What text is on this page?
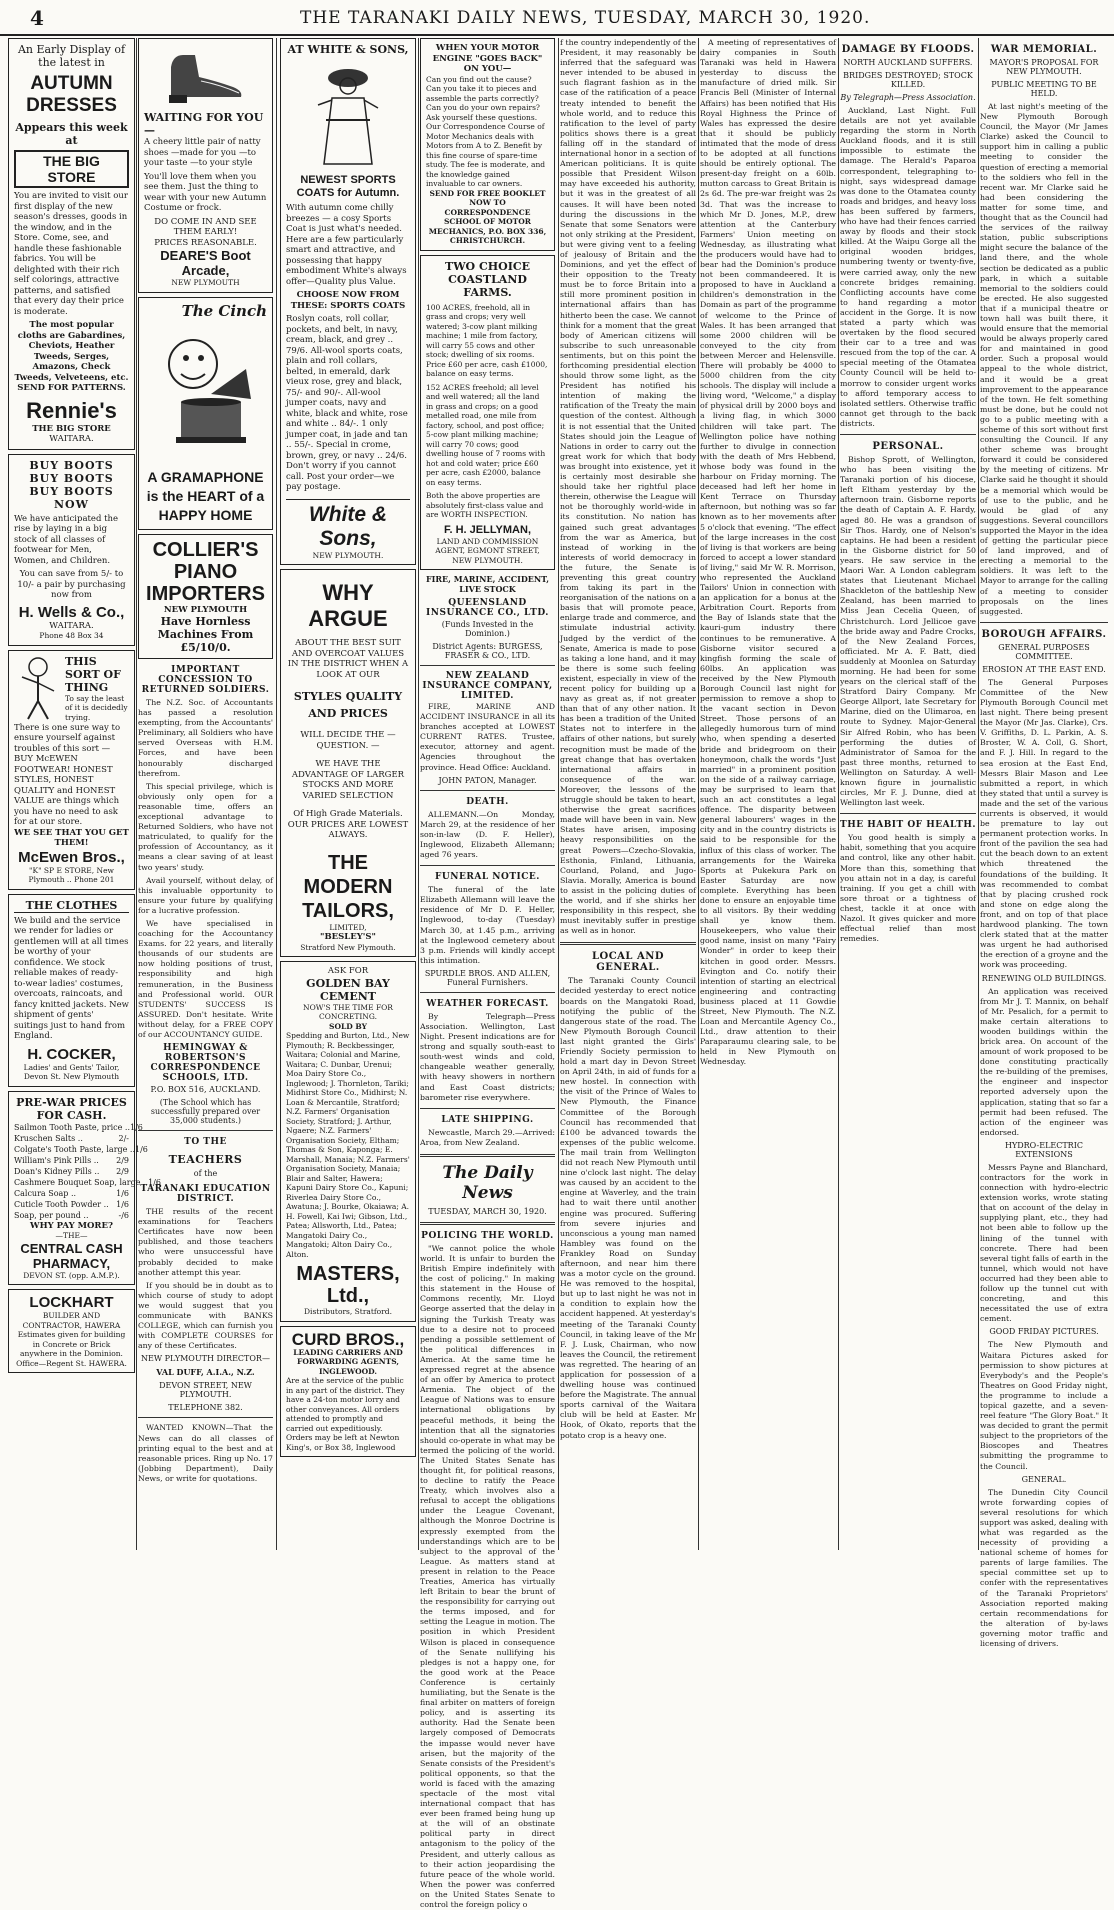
4	THE TARANAKI DAILY NEWS, TUESDAY, MARCH 30, 1920.
An Early Display of the latest in
AUTUMN DRESSES
Appears this week at
THE BIG STORE
You are invited to visit our first display of the new season's dresses, goods in the window, and in the Store. Come, see, and handle these fashionable fabrics. You will be delighted with their rich self colorings, attractive patterns, and satisfied that every day their price is moderate.
The most popular cloths are Gabardines, Cheviots, Heather Tweeds, Serges, Amazons, Check Tweeds, Velveteens, etc.
SEND FOR PATTERNS.
Rennie's
THE BIG STORE
WAITARA.
BUY BOOTS BUY BOOTS BUY BOOTS NOW
We have anticipated the rise by laying in a big stock of all classes of footwear for Men, Women, and Children.
You can save from 5/- to 10/- a pair by purchasing now from
H. Wells & Co.,
WAITARA.
Phone 48 Box 34
THIS SORT OF THING
To say the least of it is decidedly trying.
There is one sure way to ensure yourself against troubles of this sort — BUY McEWEN FOOTWEAR! HONEST STYLES, HONEST QUALITY and HONEST VALUE are things which you have no need to ask for at our store.
WE SEE THAT YOU GET THEM!
McEwen Bros.,
"K" SP E STORE, New Plymouth .. Phone 201
THE CLOTHES
We build and the service we render for ladies or gentlemen will at all times be worthy of your confidence. We stock reliable makes of ready-to-wear ladies' costumes, overcoats, raincoats, and fancy knitted jackets. New shipment of gents' suitings just to hand from England.
H. COCKER,
Ladies' and Gents' Tailor,
Devon St. New Plymouth
PRE-WAR PRICES FOR CASH.
Sailmon Tooth Paste, price .. 1/6
Kruschen Salts ..	2/-
Colgate's Tooth Paste, large .. 1/6
William's Pink Pills .. 2/9
Doan's Kidney Pills .. 2/9
Cashmere Bouquet Soap, large .. 1/6
Calcura Soap ..	1/6
Cuticle Tooth Powder .. 1/6
Soap, per pound ..	-/6
WHY PAY MORE?
—THE—
CENTRAL CASH PHARMACY,
DEVON ST. (opp. A.M.P.).
LOCKHART
BUILDER AND CONTRACTOR, HAWERA
Estimates given for building in Concrete or Brick anywhere in the Dominion.
Office—Regent St. HAWERA.
WAITING FOR YOU—
A cheery little pair of natty shoes —made for you —to your taste —to your style
You'll love them when you see them. Just the thing to wear with your new Autumn Costume or frock.
DO COME IN AND SEE THEM EARLY!
PRICES REASONABLE.
DEARE'S Boot Arcade,
NEW PLYMOUTH
The Cinch
A GRAMAPHONE is the HEART of a HAPPY HOME
COLLIER'S PIANO IMPORTERS
NEW PLYMOUTH
Have Hornless Machines From £5/10/0.
IMPORTANT CONCESSION TO RETURNED SOLDIERS.

The N.Z. Soc. of Accountants has passed a resolution exempting, from the Accountants' Preliminary, all Soldiers who have served Overseas with H.M. Forces, and have been honourably discharged therefrom.

This special privilege, which is obviously only open for a reasonable time, offers an exceptional advantage to Returned Soldiers, who have not matriculated, to qualify for the profession of Accountancy, as it means a clear saving of at least two years' study.

Avail yourself, without delay, of this invaluable opportunity to ensure your future by qualifying for a lucrative profession.

We have specialised in coaching for the Accountancy Exams. for 22 years, and literally thousands of our students are now holding positions of trust, responsibility and high remuneration, in the Business and Professional world. OUR STUDENTS' SUCCESS IS ASSURED. Don't hesitate. Write without delay, for a FREE COPY of our ACCOUNTANCY GUIDE.

HEMINGWAY & ROBERTSON'S CORRESPONDENCE SCHOOLS, LTD.
P.O. BOX 516, AUCKLAND.
(The School which has successfully prepared over 35,000 students.)
TO THE
TEACHERS
of the
TARANAKI EDUCATION DISTRICT.

THE results of the recent examinations for Teachers Certificates have now been published, and those teachers who were unsuccessful have probably decided to make another attempt this year.

If you should be in doubt as to which course of study to adopt we would suggest that you communicate with BANKS COLLEGE, which can furnish you with COMPLETE COURSES for any of these Certificates.

NEW PLYMOUTH DIRECTOR—
VAL DUFF, A.I.A., N.Z.
DEVON STREET, NEW PLYMOUTH.
TELEPHONE 382.

WANTED KNOWN—That the News can do all classes of printing equal to the best and at reasonable prices. Ring up No. 17 (Jobbing Department), Daily News, or write for quotations.

AT WHITE & SONS,
NEWEST SPORTS COATS for Autumn.
With autumn come chilly breezes — a cosy Sports Coat is just what's needed. Here are a few particularly smart and attractive, and possessing that happy embodiment White's always offer—Quality plus Value.
CHOOSE NOW FROM THESE: SPORTS COATS
Roslyn coats, roll collar, pockets, and belt, in navy, cream, black, and grey .. 79/6. All-wool sports coats, plain and roll collars, belted, in emerald, dark vieux rose, grey and black, 75/- and 90/-. All-wool jumper coats, navy and white, black and white, rose and white .. 84/-. 1 only jumper coat, in jade and tan .. 55/-. Special in crome, brown, grey, or navy .. 24/6. Don't worry if you cannot call. Post your order—we pay postage.
White & Sons,
NEW PLYMOUTH.
WHY ARGUE
ABOUT THE BEST SUIT AND OVERCOAT VALUES IN THE DISTRICT WHEN A LOOK AT OUR
STYLES QUALITY AND PRICES
WILL DECIDE THE — QUESTION. —
WE HAVE THE ADVANTAGE OF LARGER STOCKS AND MORE VARIED SELECTION
Of High Grade Materials. OUR PRICES ARE LOWEST ALWAYS.
THE MODERN TAILORS,
LIMITED,
"BESLEY'S"
Stratford New Plymouth.
ASK FOR
GOLDEN BAY CEMENT
NOW'S THE TIME FOR CONCRETING.
SOLD BY
Spedding and Burton, Ltd., New Plymouth; R. Beckbessinger, Waitara; Colonial and Marine, Waitara; C. Dunbar, Urenui; Moa Dairy Store Co., Inglewood; J. Thornleton, Tariki; Midhirst Store Co., Midhirst; N. Loan & Mercantile, Stratford; N.Z. Farmers' Organisation Society, Stratford; J. Arthur, Ngaere; N.Z. Farmers' Organisation Society, Eltham; Thomas & Son, Kaponga; E. Marshall, Manaia; N.Z. Farmers' Organisation Society, Manaia; Blair and Salter, Hawera; Kapuni Dairy Store Co., Kapuni; Riverlea Dairy Store Co., Awatuna; J. Bourke, Okaiawa; A. H. Fowell, Kai Iwi; Gibson, Ltd., Patea; Allsworth, Ltd., Patea; Mangatoki Dairy Co., Mangatoki; Alton Dairy Co., Alton.
MASTERS, Ltd.,
Distributors, Stratford.
CURD BROS.,
LEADING CARRIERS AND FORWARDING AGENTS, INGLEWOOD.
Are at the service of the public in any part of the district. They have a 24-ton motor lorry and other conveyances. All orders attended to promptly and carried out expeditiously. Orders may be left at Newton King's, or Box 38, Inglewood
WHEN YOUR MOTOR ENGINE "GOES BACK" ON YOU—
Can you find out the cause? Can you take it to pieces and assemble the parts correctly? Can you do your own repairs? Ask yourself these questions. Our Correspondence Course of Motor Mechanics deals with Motors from A to Z. Benefit by this fine course of spare-time study. The fee is moderate, and the knowledge gained invaluable to car owners.
SEND FOR FREE BOOKLET NOW TO CORRESPONDENCE SCHOOL OF MOTOR MECHANICS, P.O. BOX 336, CHRISTCHURCH.
TWO CHOICE COASTLAND FARMS.
100 ACRES, freehold, all in grass and crops; very well watered; 3-cow plant milking machine; 1 mile from factory, will carry 55 cows and other stock; dwelling of six rooms. Price £60 per acre, cash £1000, balance on easy terms.
152 ACRES freehold; all level and well watered; all the land in grass and crops; on a good metalled road, one mile from factory, school, and post office; 5-cow plant milking machine; will carry 70 cows; good dwelling house of 7 rooms with hot and cold water; price £60 per acre, cash £2000, balance on easy terms.
Both the above properties are absolutely first-class value and are WORTH INSPECTION.
F. H. JELLYMAN,
LAND AND COMMISSION AGENT, EGMONT STREET, NEW PLYMOUTH.
FIRE, MARINE, ACCIDENT, LIVE STOCK
QUEENSLAND INSURANCE CO., LTD.
(Funds Invested in the Dominion.)
District Agents: BURGESS, FRASER & CO., LTD.
NEW ZEALAND INSURANCE COMPANY, LIMITED.

FIRE, MARINE AND ACCIDENT INSURANCE in all its branches accepted at LOWEST CURRENT RATES. Trustee, executor, attorney and agent. Agencies throughout the province. Head Office: Auckland.

JOHN PATON, Manager.
DEATH.

ALLEMANN.—On Monday, March 29, at the residence of her son-in-law (D. F. Heller), Inglewood, Elizabeth Allemann; aged 76 years.

FUNERAL NOTICE.

The funeral of the late Elizabeth Allemann will leave the residence of Mr D. F. Heller, Inglewood, to-day (Tuesday) March 30, at 1.45 p.m., arriving at the Inglewood cemetery about 3 p.m. Friends will kindly accept this intimation.

SPURDLE BROS. AND ALLEN, Funeral Furnishers.
WEATHER FORECAST.

By Telegraph—Press Association. Wellington, Last Night. Present indications are for strong and squally south-east to south-west winds and cold, changeable weather generally, with heavy showers in northern and East Coast districts; barometer rise everywhere.

LATE SHIPPING.

Newcastle, March 29.—Arrived: Aroa, from New Zealand.

The Daily News
TUESDAY, MARCH 30, 1920.
POLICING THE WORLD.

"We cannot police the whole world. It is unfair to burden the British Empire indefinitely with the cost of policing." In making this statement in the House of Commons recently, Mr. Lloyd George asserted that the delay in signing the Turkish Treaty was due to a desire not to proceed pending a possible settlement of the political differences in America. At the same time he expressed regret at the absence of an offer by America to protect Armenia. The object of the League of Nations was to ensure international obligations by peaceful methods, it being the intention that all the signatories should co-operate in what may be termed the policing of the world. The United States Senate has thought fit, for political reasons, to decline to ratify the Peace Treaty, which involves also a refusal to accept the obligations under the League Covenant, although the Monroe Doctrine is expressly exempted from the understandings which are to be subject to the approval of the League. As matters stand at present in relation to the Peace Treaties, America has virtually left Britain to bear the brunt of the responsibility for carrying out the terms imposed, and for setting the League in motion. The position in which President Wilson is placed in consequence of the Senate nullifying his pledges is not a happy one, for the good work at the Peace Conference is certainly humiliating, but the Senate is the final arbiter on matters of foreign policy, and is asserting its authority. Had the Senate been largely composed of Democrats the impasse would never have arisen, but the majority of the Senate consists of the President's political opponents, so that the world is faced with the amazing spectacle of the most vital international compact that has ever been framed being hung up at the will of an obstinate political party in direct antagonism to the policy of the President, and utterly callous as to their action jeopardising the future peace of the whole world. When the power was conferred on the United States Senate to control the foreign policy o

f the country independently of the President, it may reasonably be inferred that the safeguard was never intended to be abused in such flagrant fashion as in the case of the ratification of a peace treaty intended to benefit the whole world, and to reduce this ratification to the level of party politics shows there is a great falling off in the standard of international honor in a section of American politicians. It is quite possible that President Wilson may have exceeded his authority, but it was in the greatest of all causes. It will have been noted during the discussions in the Senate that some Senators were not only striking at the President, but were giving vent to a feeling of jealousy of Britain and the Dominions, and yet the effect of their opposition to the Treaty must be to force Britain into a still more prominent position in international affairs than has hitherto been the case. We cannot think for a moment that the great body of American citizens will subscribe to such unreasonable sentiments, but on this point the forthcoming presidential election should throw some light, as the President has notified his intention of making the ratification of the Treaty the main question of the contest. Although it is not essential that the United States should join the League of Nations in order to carry out the great work for which that body was brought into existence, yet it is certainly most desirable she should take her rightful place therein, otherwise the League will not be thoroughly world-wide in its constitution. No nation has gained such great advantages from the war as America, but instead of working in the interests of world democracy in the future, the Senate is preventing this great country from taking its part in the reorganisation of the nations on a basis that will promote peace, enlarge trade and commerce, and stimulate industrial activity. Judged by the verdict of the Senate, America is made to pose as taking a lone hand, and it may be there is some such feeling existent, especially in view of the recent policy for building up a navy as great as, if not greater than that of any other nation. It has been a tradition of the United States not to interfere in the affairs of other nations, but surely recognition must be made of the great change that has overtaken international affairs in consequence of the war. Moreover, the lessons of the struggle should be taken to heart, otherwise the great sacrifices made will have been in vain. New States have arisen, imposing heavy responsibilities on the great Powers—Czecho-Slovakia, Esthonia, Finland, Lithuania, Courland, Poland, and Jugo-Slavia. Morally, America is bound to assist in the policing duties of the world, and if she shirks her responsibility in this respect, she must inevitably suffer in prestige as well as in honor.

LOCAL AND GENERAL.

The Taranaki County Council decided yesterday to erect notice boards on the Mangatoki Road, notifying the public of the dangerous state of the road. The New Plymouth Borough Council last night granted the Girls' Friendly Society permission to hold a mart day in Devon Street on April 24th, in aid of funds for a new hostel. In connection with the visit of the Prince of Wales to New Plymouth, the Finance Committee of the Borough Council has recommended that £100 be advanced towards the expenses of the public welcome. The mail train from Wellington did not reach New Plymouth until nine o'clock last night. The delay was caused by an accident to the engine at Waverley, and the train had to wait there until another engine was procured. Suffering from severe injuries and unconscious a young man named Hambley was found on the Frankley Road on Sunday afternoon, and near him there was a motor cycle on the ground. He was removed to the hospital, but up to last night he was not in a condition to explain how the accident happened. At yesterday's meeting of the Taranaki County Council, in taking leave of the Mr F. J. Lusk, Chairman, who now leaves the Council, the retirement was regretted. The hearing of an application for possession of a dwelling house was continued before the Magistrate. The annual sports carnival of the Waitara club will be held at Easter. Mr Hook, of Okato, reports that the potato crop is a heavy one.

A meeting of representatives of dairy companies in South Taranaki was held in Hawera yesterday to discuss the manufacture of dried milk. Sir Francis Bell (Minister of Internal Affairs) has been notified that His Royal Highness the Prince of Wales has expressed the desire that it should be publicly intimated that the mode of dress to be adopted at all functions should be entirely optional. The present-day freight on a 60lb. mutton carcass to Great Britain is 2s 6d. The pre-war freight was 2s 3d. That was the increase to which Mr D. Jones, M.P., drew attention at the Canterbury Farmers' Union meeting on Wednesday, as illustrating what the producers would have had to bear had the Dominion's produce not been commandeered. It is proposed to have in Auckland a children's demonstration in the Domain as part of the programme of welcome to the Prince of Wales. It has been arranged that some 2000 children will be conveyed to the city from between Mercer and Helensville. There will probably be 4000 to 5000 children from the city schools. The display will include a living word, "Welcome," a display of physical drill by 2000 boys and a living flag, in which 3000 children will take part. The Wellington police have nothing further to divulge in connection with the death of Mrs Hebbend, whose body was found in the harbour on Friday morning. The deceased had left her home in Kent Terrace on Thursday afternoon, but nothing was so far known as to her movements after 5 o'clock that evening. "The effect of the large increases in the cost of living is that workers are being forced to accept a lower standard of living," said Mr W. R. Morrison, who represented the Auckland Tailors' Union in connection with an application for a bonus at the Arbitration Court. Reports from the Bay of Islands state that the kauri-gum industry there continues to be remunerative. A Gisborne visitor secured a kingfish forming the scale of 60lbs. An application was received by the New Plymouth Borough Council last night for permission to remove a shop to the vacant section in Devon Street. Those persons of an allegedly humorous turn of mind who, when spending a deserted bride and bridegroom on their honeymoon, chalk the words "Just married" in a prominent position on the side of a railway carriage, may be surprised to learn that such an act constitutes a legal offence. The disparity between general labourers' wages in the city and in the country districts is said to be responsible for the influx of this class of worker. The arrangements for the Waireka Sports at Pukekura Park on Easter Saturday are now complete. Everything has been done to ensure an enjoyable time to all visitors. By their wedding shall ye know them. Housekeepers, who value their good name, insist on many "Fairy Wonder" in order to keep their kitchen in good order. Messrs. Evington and Co. notify their intention of starting an electrical engineering and contracting business placed at 11 Gowdie Street, New Plymouth. The N.Z. Loan and Mercantile Agency Co., Ltd., draw attention to their Paraparaumu clearing sale, to be held in New Plymouth on Wednesday.

DAMAGE BY FLOODS.
NORTH AUCKLAND SUFFERS.
BRIDGES DESTROYED; STOCK KILLED.
By Telegraph—Press Association.

Auckland, Last Night. Full details are not yet available regarding the storm in North Auckland floods, and it is still impossible to estimate the damage. The Herald's Paparoa correspondent, telegraphing to-night, says widespread damage was done to the Otamatea county roads and bridges, and heavy loss has been suffered by farmers, who have had their fences carried away by floods and their stock killed. At the Waipu Gorge all the original wooden bridges, numbering twenty or twenty-five, were carried away, only the new concrete bridges remaining. Conflicting accounts have come to hand regarding a motor accident in the Gorge. It is now stated a party which was overtaken by the flood secured their car to a tree and was rescued from the top of the car. A special meeting of the Otamatea County Council will be held to-morrow to consider urgent works to afford temporary access to isolated settlers. Otherwise traffic cannot get through to the back districts.

PERSONAL.

Bishop Sprott, of Wellington, who has been visiting the Taranaki portion of his diocese, left Eltham yesterday by the afternoon train. Gisborne reports the death of Captain A. F. Hardy, aged 80. He was a grandson of Sir Thos. Hardy, one of Nelson's captains. He had been a resident in the Gisborne district for 50 years. He saw service in the Maori War. A London cablegram states that Lieutenant Michael Shackleton of the battleship New Zealand, has been married to Miss Jean Cecelia Queen, of Christchurch. Lord Jellicoe gave the bride away and Padre Crocks, of the New Zealand Forces, officiated. Mr A. F. Batt, died suddenly at Moonlea on Saturday morning. He had been for some years on the clerical staff of the Stratford Dairy Company. Mr George Allport, late Secretary for Marine, died on the Ulimaroa, en route to Sydney. Major-General Sir Alfred Robin, who has been performing the duties of Administrator of Samoa for the past three months, returned to Wellington on Saturday. A well-known figure in journalistic circles, Mr F. J. Dunne, died at Wellington last week.

THE HABIT OF HEALTH.

You good health is simply a habit, something that you acquire and control, like any other habit. More than this, something that you attain not in a day, is careful training. If you get a chill with sore throat or a tightness of chest, tackle it at once with Nazol. It gives quicker and more effectual relief than most remedies.

WAR MEMORIAL.
MAYOR'S PROPOSAL FOR NEW PLYMOUTH.
PUBLIC MEETING TO BE HELD.

At last night's meeting of the New Plymouth Borough Council, the Mayor (Mr James Clarke) asked the Council to support him in calling a public meeting to consider the question of erecting a memorial to the soldiers who fell in the recent war. Mr Clarke said he had been considering the matter for some time, and thought that as the Council had the services of the railway station, public subscriptions might secure the balance of the land there, and the whole section be dedicated as a public park, in which a suitable memorial to the soldiers could be erected. He also suggested that if a municipal theatre or town hall was built there, it would ensure that the memorial would be always properly cared for and maintained in good order. Such a proposal would appeal to the whole district, and it would be a great improvement to the appearance of the town. He felt something must be done, but he could not go to a public meeting with a scheme of this sort without first consulting the Council. If any other scheme was brought forward it could be considered by the meeting of citizens. Mr Clarke said he thought it should be a memorial which would be of use to the public, and he would be glad of any suggestions. Several councillors supported the Mayor in the idea of getting the particular piece of land improved, and of erecting a memorial to the soldiers. It was left to the Mayor to arrange for the calling of a meeting to consider proposals on the lines suggested.

BOROUGH AFFAIRS.
GENERAL PURPOSES COMMITTEE.
EROSION AT THE EAST END.

The General Purposes Committee of the New Plymouth Borough Council met last night. There being present the Mayor (Mr Jas. Clarke), Crs. V. Griffiths, D. L. Parkin, A. S. Broster, W. A. Coll, G. Short, and F. J. Hill. In regard to the sea erosion at the East End, Messrs Blair Mason and Lee submitted a report, in which they stated that until a survey is made and the set of the various currents is observed, it would be premature to lay out permanent protection works. In front of the pavilion the sea had cut the beach down to an extent which threatened the foundations of the building. It was recommended to combat that by placing crushed rock and stone on edge along the front, and on top of that place hardwood planking. The town clerk stated that at the matter was urgent he had authorised the erection of a groyne and the work was proceeding.

RENEWING OLD BUILDINGS.

An application was received from Mr J. T. Mannix, on behalf of Mr. Pesalich, for a permit to make certain alterations to wooden buildings within the brick area. On account of the amount of work proposed to be done constituting practically the re-building of the premises, the engineer and inspector reported adversely upon the application, stating that so far a permit had been refused. The action of the engineer was endorsed.

HYDRO-ELECTRIC EXTENSIONS

Messrs Payne and Blanchard, contractors for the work in connection with hydro-electric extension works, wrote stating that on account of the delay in supplying plant, etc., they had not been able to follow up the lining of the tunnel with concrete. There had been several tight falls of earth in the tunnel, which would not have occurred had they been able to follow up the tunnel cut with concreting, and this necessitated the use of extra cement.

GOOD FRIDAY PICTURES.

The New Plymouth and Waitara Pictures asked for permission to show pictures at Everybody's and the People's Theatres on Good Friday night, the programme to include a topical gazette, and a seven-reel feature "The Glory Boat." It was decided to grant the permit subject to the proprietors of the Bioscopes and Theatres submitting the programme to the Council.

GENERAL.

The Dunedin City Council wrote forwarding copies of several resolutions for which support was asked, dealing with what was regarded as the necessity of providing a national scheme of homes for parents of large families. The special committee set up to confer with the representatives of the Taranaki Proprietors' Association reported making certain recommendations for the alteration of by-laws governing motor traffic and licensing of drivers.
